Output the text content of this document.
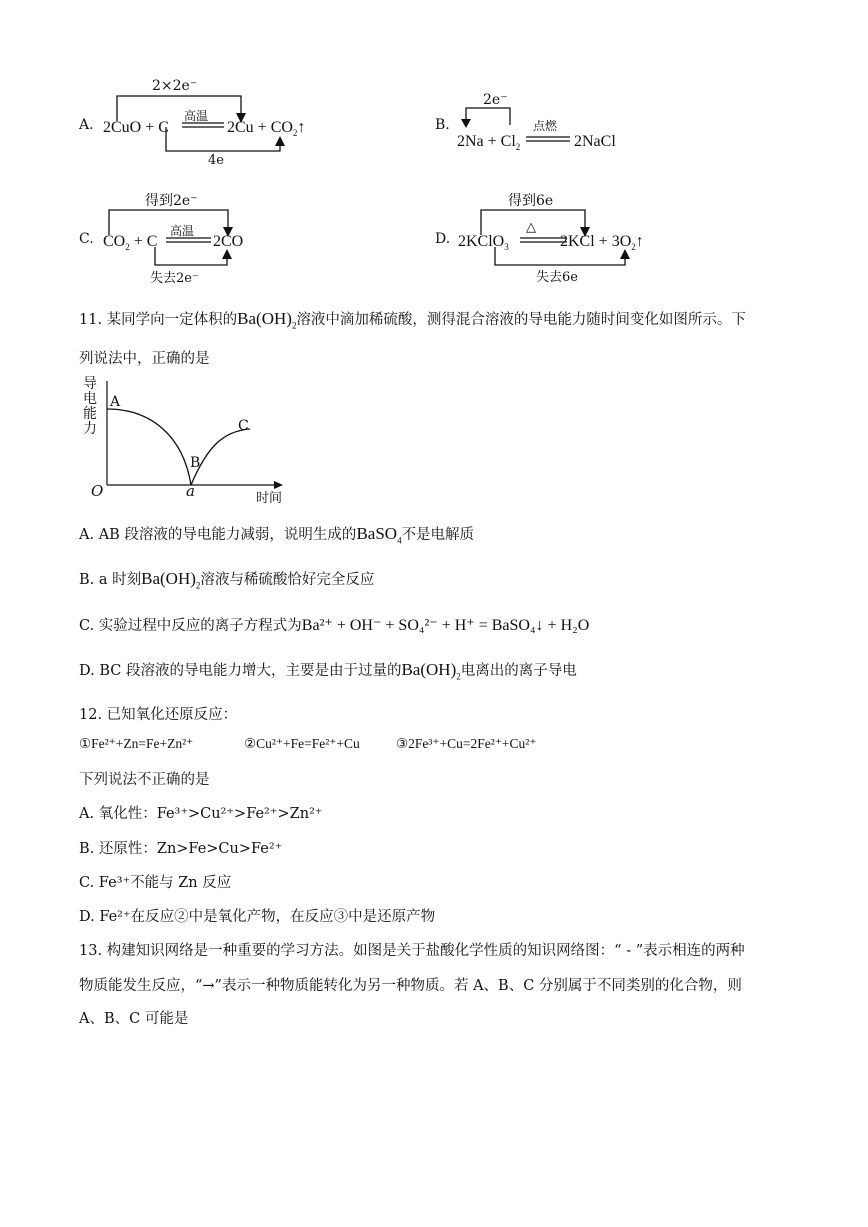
A.
2×2e⁻
高温
2CuO + C	$2Cu + CO_2↑$
4e
B.
2e⁻
点燃
$2Na + Cl_2$	2NaCl
C.
得到2e⁻
高温
$CO_2 + C$	2CO
失去2e⁻
D.
得到6e
△
2KClO$_3$	$2KCl + 3O_2↑$
失去6e
11. 某同学向一定体积的$Ba(OH)_2$溶液中滴加稀硫酸，测得混合溶液的导电能力随时间变化如图所示。下
列说法中，正确的是
导电能力
A
B
C
O	a	时间
A. AB 段溶液的导电能力减弱，说明生成的BaSO$_4$不是电解质
B. a 时刻$Ba(OH)_2$溶液与稀硫酸恰好完全反应
C. 实验过程中反应的离子方程式为Ba²⁺ + OH⁻ + SO₄²⁻ + H⁺ = BaSO₄↓ + H₂O
D. BC 段溶液的导电能力增大，主要是由于过量的$Ba(OH)_2$电离出的离子导电
12. 已知氧化还原反应：
①Fe²⁺+Zn=Fe+Zn²⁺	②Cu²⁺+Fe=Fe²⁺+Cu	③2Fe³⁺+Cu=2Fe²⁺+Cu²⁺
下列说法不正确的是
A. 氧化性：Fe³⁺>Cu²⁺>Fe²⁺>Zn²⁺
B. 还原性：Zn>Fe>Cu>Fe²⁺
C. Fe³⁺不能与 Zn 反应
D. Fe²⁺在反应②中是氧化产物，在反应③中是还原产物
13. 构建知识网络是一种重要的学习方法。如图是关于盐酸化学性质的知识网络图：“ - ”表示相连的两种
物质能发生反应，“→”表示一种物质能转化为另一种物质。若 A、B、C 分别属于不同类别的化合物，则
A、B、C 可能是
